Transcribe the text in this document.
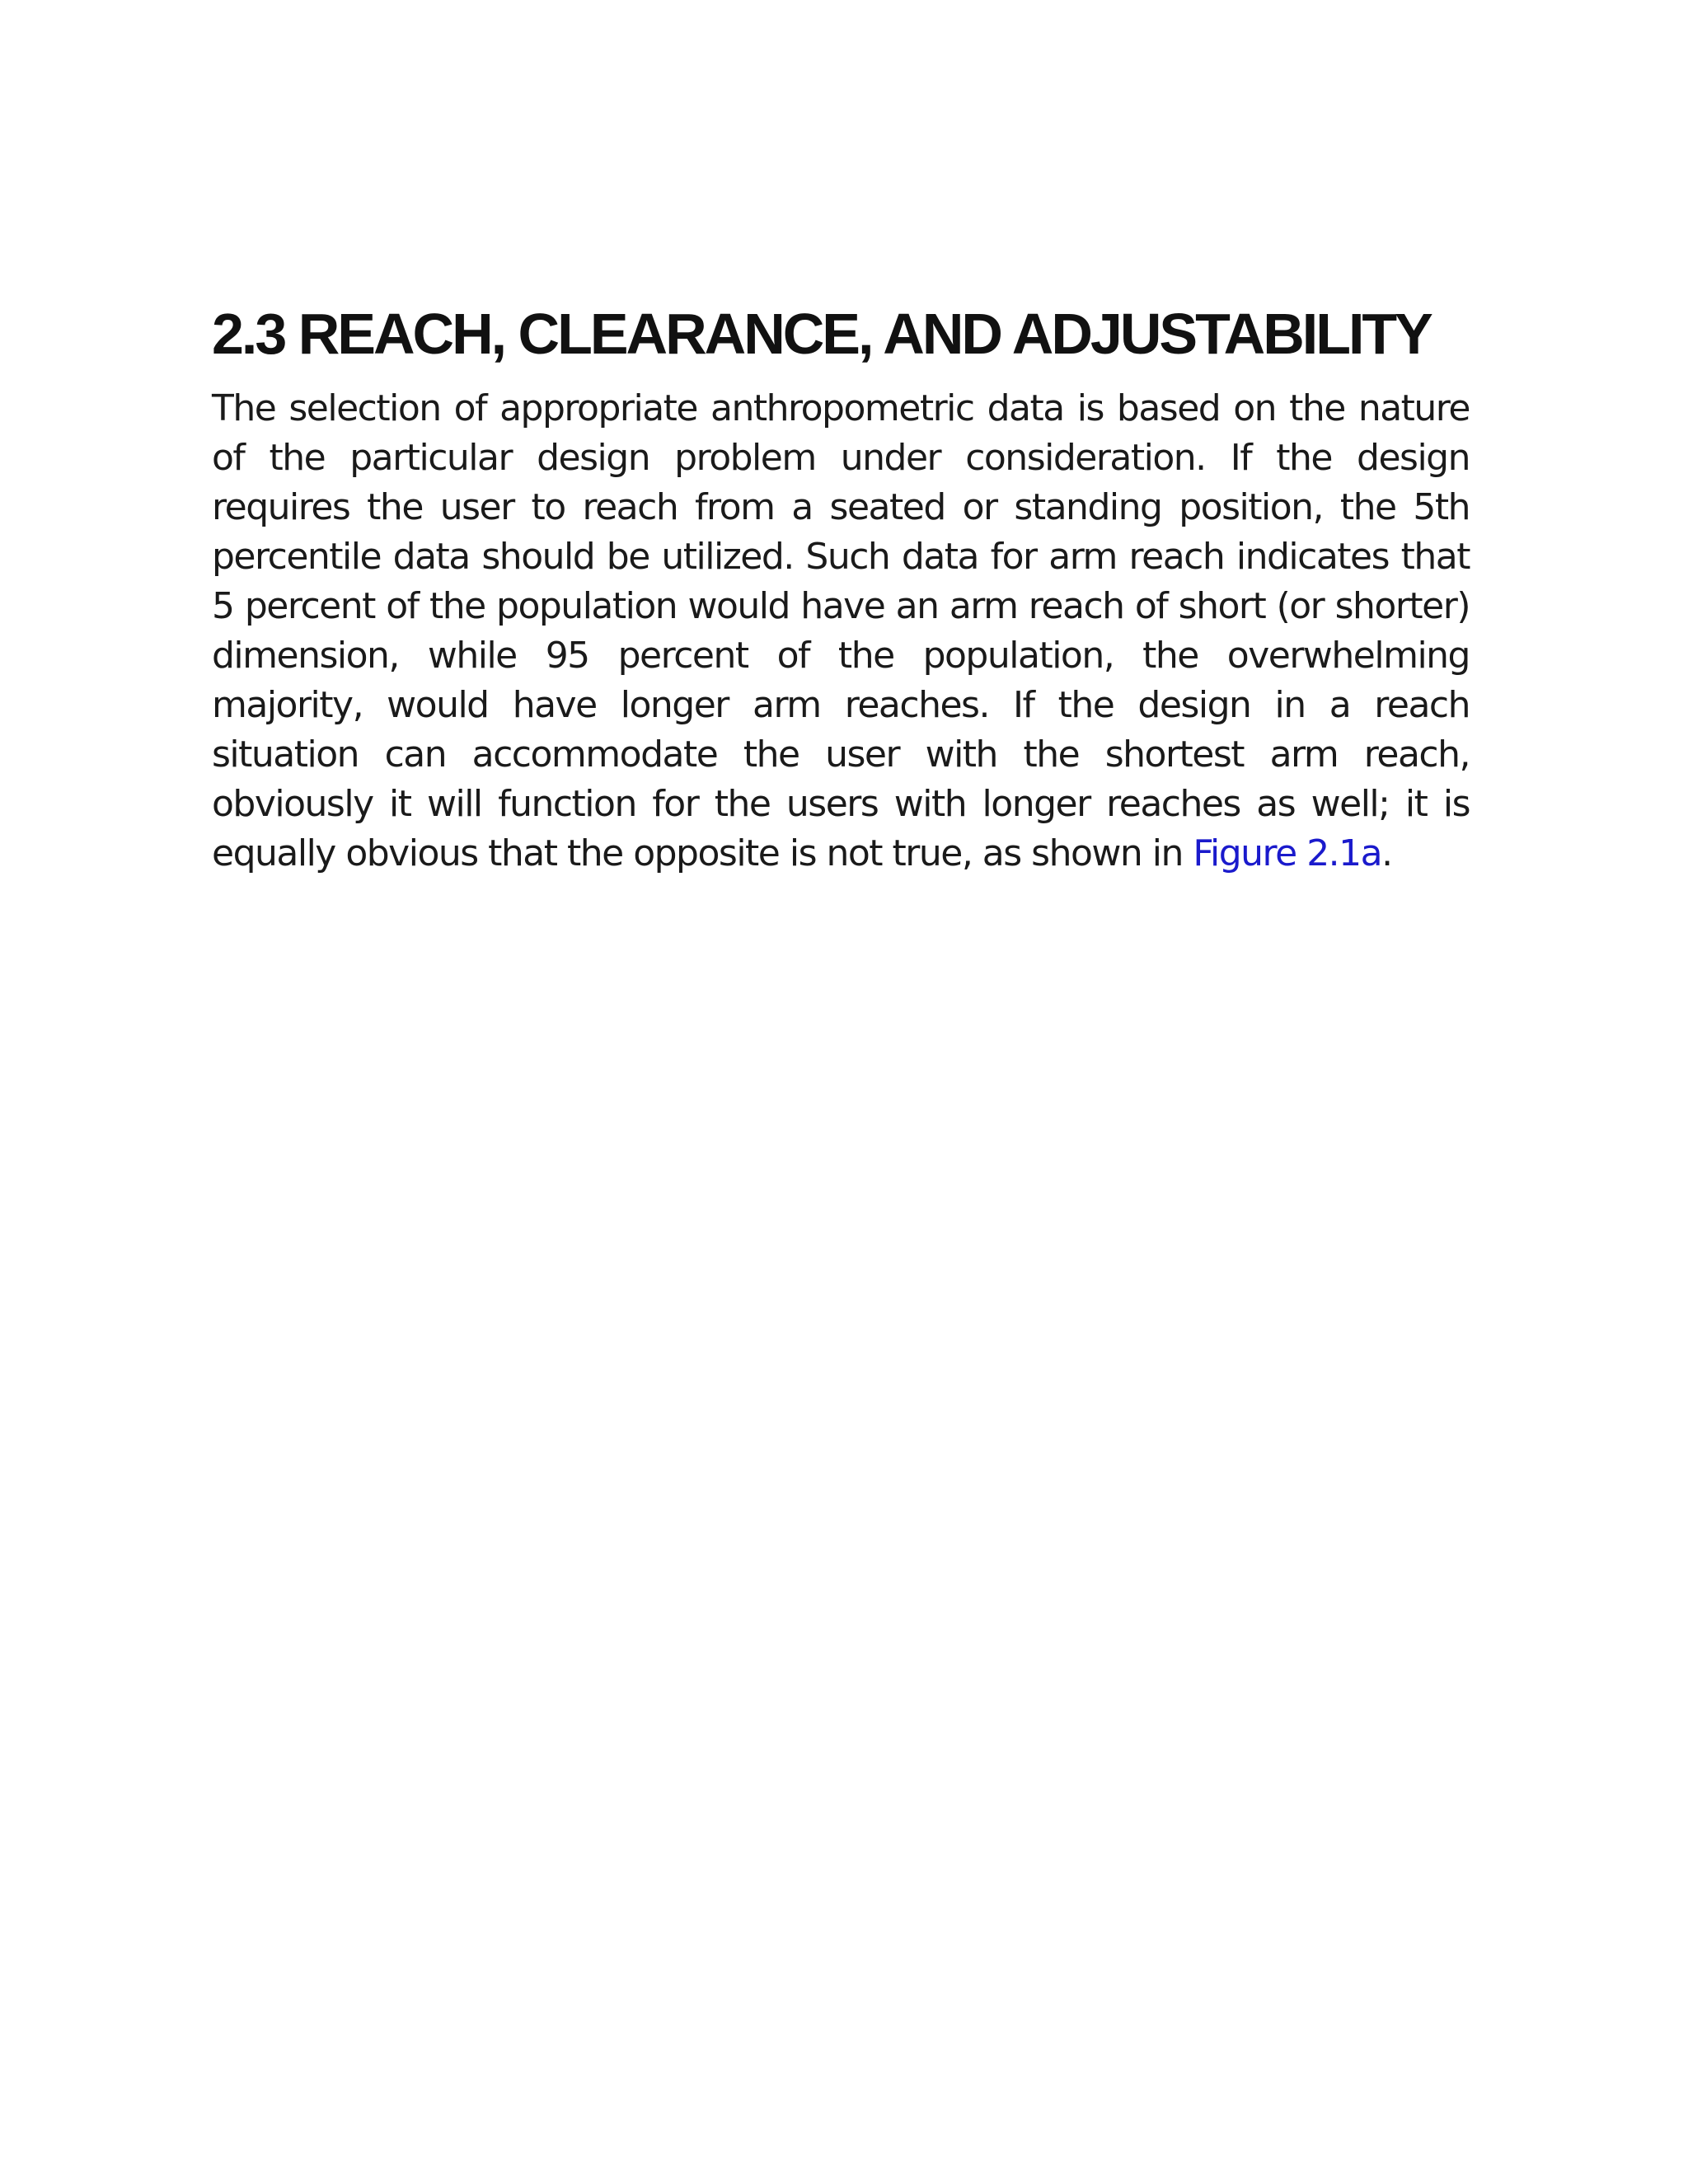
2.3 REACH, CLEARANCE, AND ADJUSTABILITY

The selection of appropriate anthropometric data is based on the nature of the particular design problem under consideration. If the design requires the user to reach from a seated or standing position, the 5th percentile data should be utilized. Such data for arm reach indicates that 5 percent of the population would have an arm reach of short (or shorter) dimension, while 95 percent of the population, the overwhelming majority, would have longer arm reaches. If the design in a reach situation can accommodate the user with the shortest arm reach, obviously it will function for the users with longer reaches as well; it is equally obvious that the opposite is not true, as shown in Figure 2.1a.
